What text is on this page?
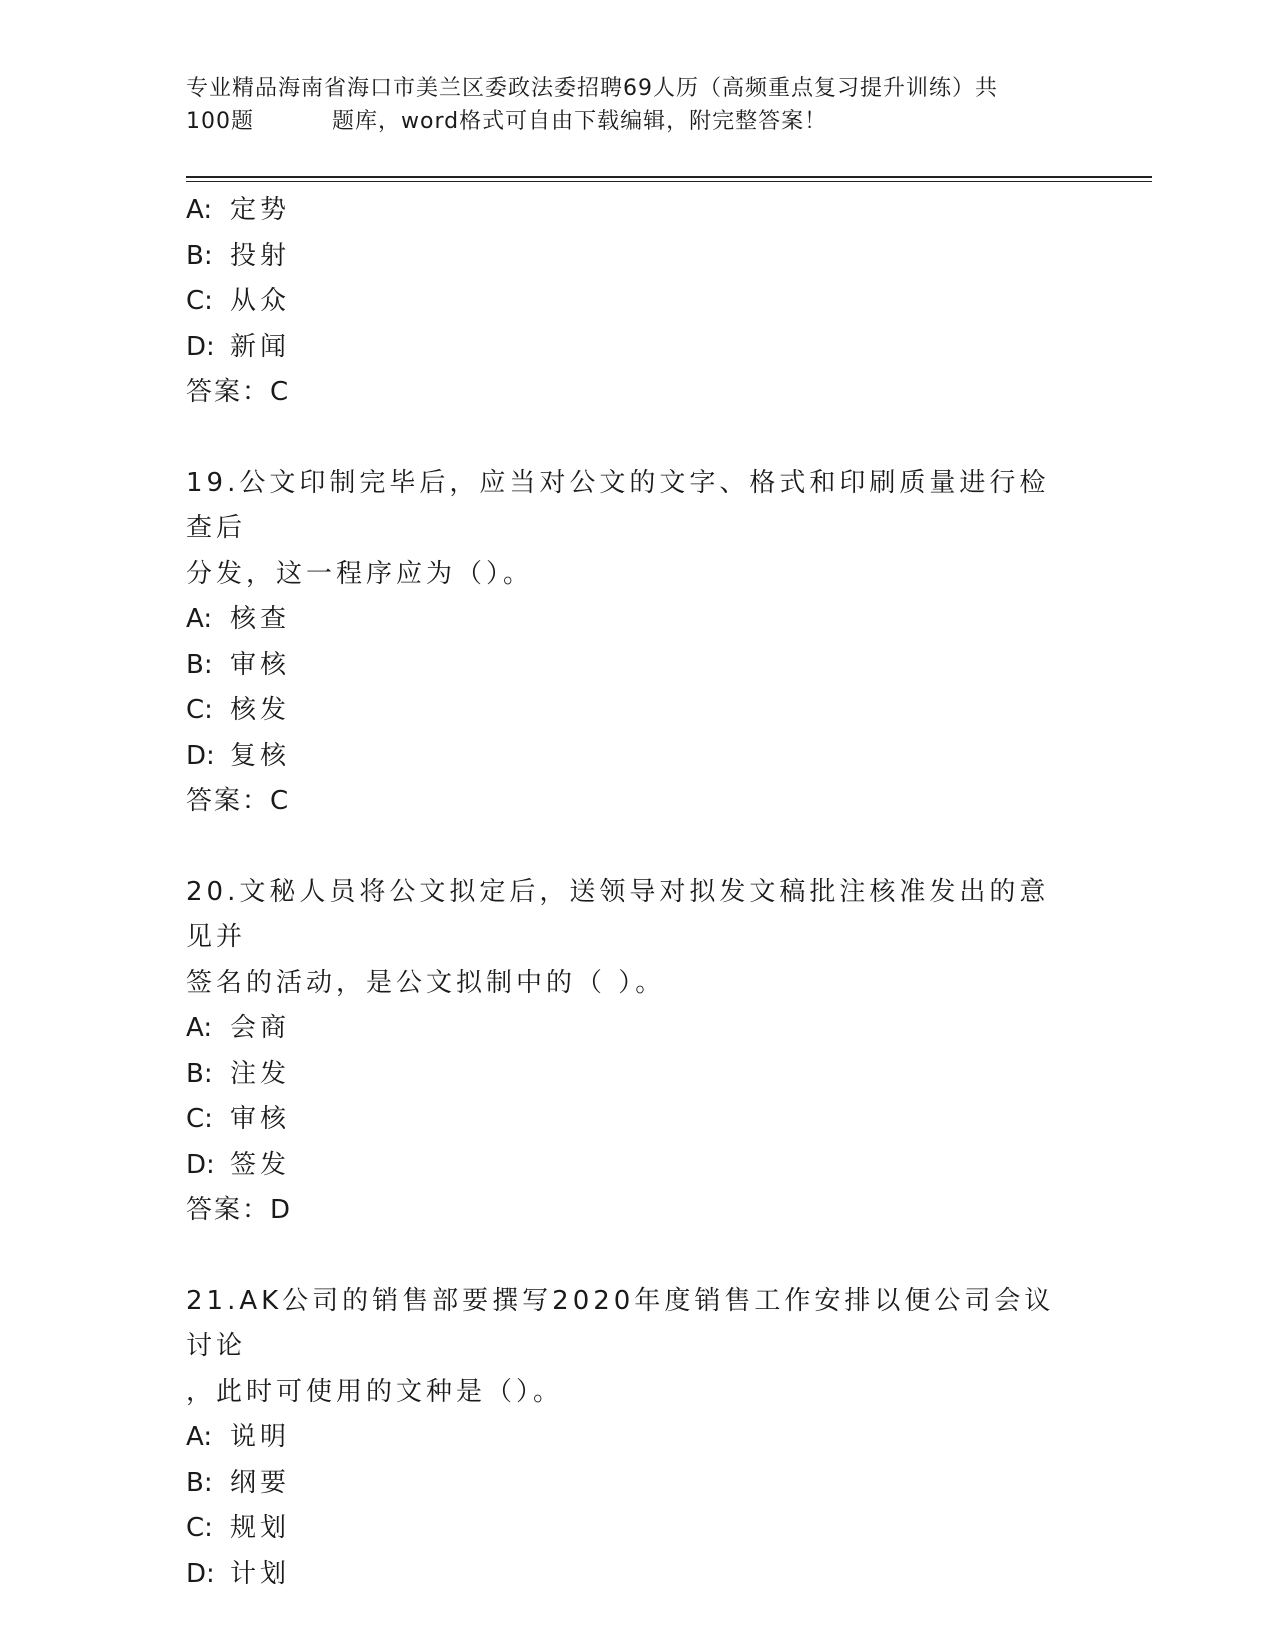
专业精品海南省海口市美兰区委政法委招聘69人历（高频重点复习提升训练）共
100题	题库，word格式可自由下载编辑，附完整答案！
A: 定势
B: 投射
C: 从众
D: 新闻
答案：C
19.公文印制完毕后，应当对公文的文字、格式和印刷质量进行检查后
分发，这一程序应为（）。
A: 核查
B: 审核
C: 核发
D: 复核
答案：C
20.文秘人员将公文拟定后，送领导对拟发文稿批注核准发出的意见并
签名的活动，是公文拟制中的（ ）。
A: 会商
B: 注发
C: 审核
D: 签发
答案：D
21.AK公司的销售部要撰写2020年度销售工作安排以便公司会议讨论
，此时可使用的文种是（）。
A: 说明
B: 纲要
C: 规划
D: 计划
